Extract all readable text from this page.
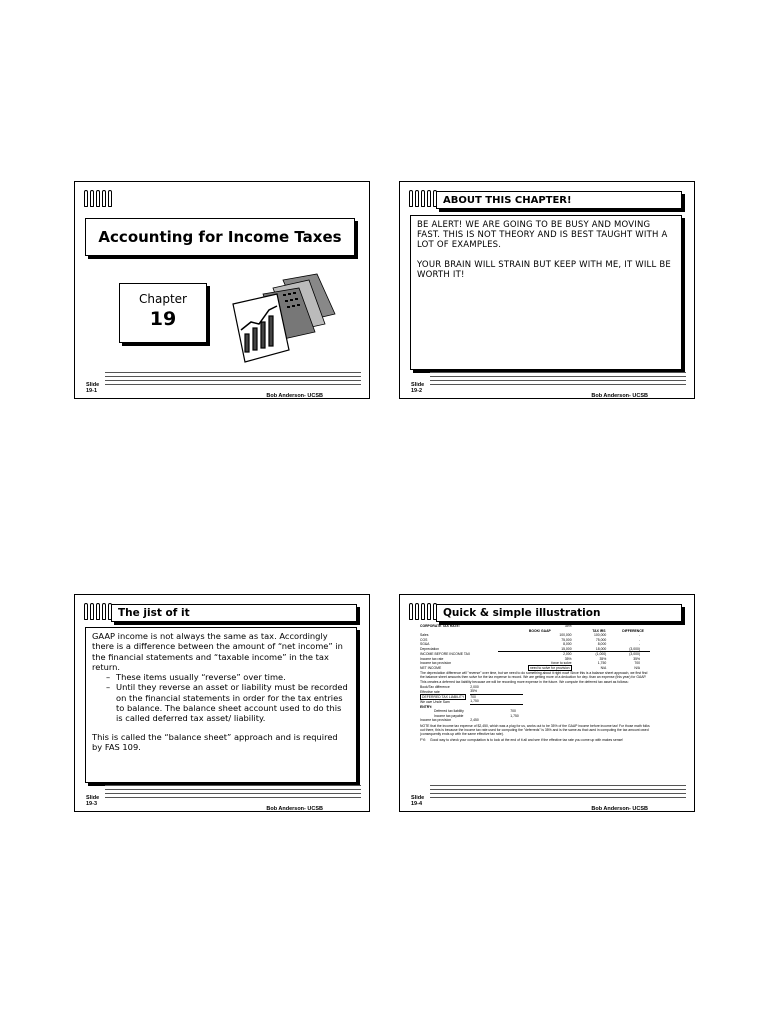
Accounting for Income Taxes
Chapter
19
Slide
19-1
Bob Anderson- UCSB
ABOUT THIS CHAPTER!

BE ALERT! WE ARE GOING TO BE BUSY AND MOVING FAST. THIS IS NOT THEORY AND IS BEST TAUGHT WITH A LOT OF EXAMPLES.

YOUR BRAIN WILL STRAIN BUT KEEP WITH ME, IT WILL BE WORTH IT!

Slide
19-2
Bob Anderson- UCSB
The jist of it

GAAP income is not always the same as tax. Accordingly there is a difference between the amount of “net income” in the financial statements and “taxable income” in the tax return.

– These items usually “reverse” over time.
– Until they reverse an asset or liability must be recorded on the financial statements in order for the tax entries to balance. The balance sheet account used to do this is called deferred tax asset/ liability.

This is called the “balance sheet” approach and is required by FAS 109.

Slide
19-3
Bob Anderson- UCSB
Quick & simple illustration
CORPORATE TAX RATE:	35%		
	BOOK/ GAAP	TAX IRS	DIFFERENCE
Sales	100,000	100,000	-
COS	75,000	75,000	-
SG&A	8,000	8,000	-
Depreciation	15,000	18,000	(3,000)
INCOME BEFORE INCOME TAX	2,000	(1,000)	(3,000)
Income tax rate	35%	35%	35%
Income tax provision	force to solve	1,750	700
NET INCOME	need to solve for provision	N/A	N/A

The depreciation difference will "reverse" over time, but we need to do something about it right now! Since this is a balance sheet approach, we first find the balance sheet amounts then solve for the tax expense to record. We are getting more of a deduction for dep. than an expense (this year) for GAAP. This creates a deferred tax liability because we will be recording more expense in the future. We compute the deferred tax asset as follows:

Book/Tax difference	2,000
Effective rate	35%
DEFERRED TAX LIABILITY	700
We owe Uncle Sam	1,750
ENTRY:	
Deferred tax liability	700
Income tax payable	1,750
Income tax provision	2,450

NOTE that the income tax expense of $2,450, which was a plug for us, works out to be 35% of the GAAP income before income tax! For those math folks out there, this is because the income tax rate used for computing the "deferreds" is 35% and is the same as that used in computing the tax amount owed (consequently ends up with the same effective tax rate).

FYI: Good way to check your computation is to look at the end of it all and see if the effective tax rate you come up with makes sense!

Slide
19-4
Bob Anderson- UCSB
